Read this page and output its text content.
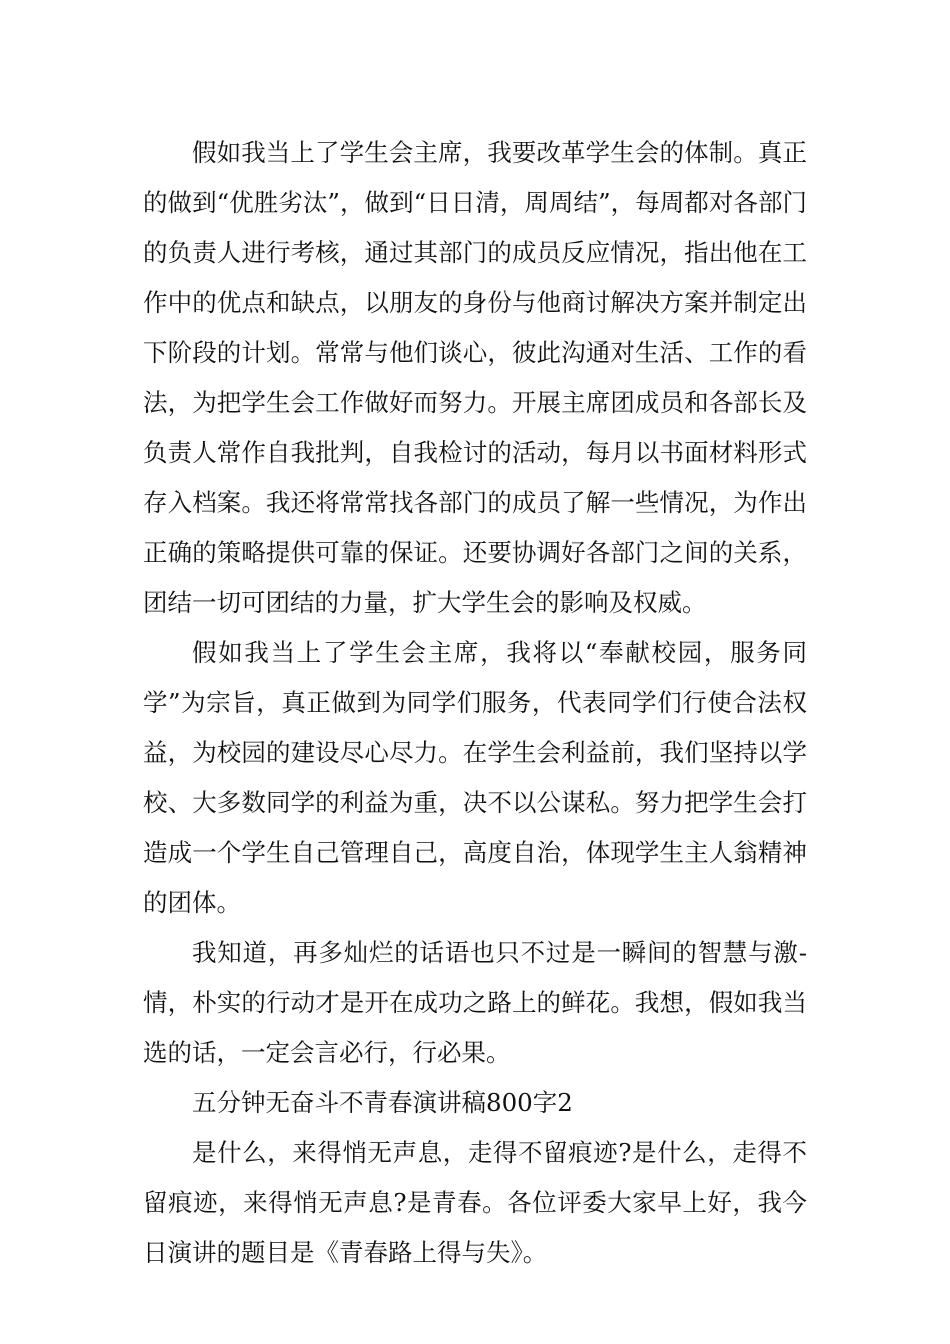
假如我当上了学生会主席，我要改革学生会的体制。真正的做到“优胜劣汰”，做到“日日清，周周结”，每周都对各部门的负责人进行考核，通过其部门的成员反应情况，指出他在工作中的优点和缺点，以朋友的身份与他商讨解决方案并制定出下阶段的计划。常常与他们谈心，彼此沟通对生活、工作的看法，为把学生会工作做好而努力。开展主席团成员和各部长及负责人常作自我批判，自我检讨的活动，每月以书面材料形式存入档案。我还将常常找各部门的成员了解一些情况，为作出正确的策略提供可靠的保证。还要协调好各部门之间的关系，团结一切可团结的力量，扩大学生会的影响及权威。

假如我当上了学生会主席，我将以“奉献校园，服务同学”为宗旨，真正做到为同学们服务，代表同学们行使合法权益，为校园的建设尽心尽力。在学生会利益前，我们坚持以学校、大多数同学的利益为重，决不以公谋私。努力把学生会打造成一个学生自己管理自己，高度自治，体现学生主人翁精神的团体。

我知道，再多灿烂的话语也只不过是一瞬间的智慧与激-情，朴实的行动才是开在成功之路上的鲜花。我想，假如我当选的话，一定会言必行，行必果。

五分钟无奋斗不青春演讲稿800字2

是什么，来得悄无声息，走得不留痕迹?是什么，走得不留痕迹，来得悄无声息?是青春。各位评委大家早上好，我今日演讲的题目是《青春路上得与失》。
